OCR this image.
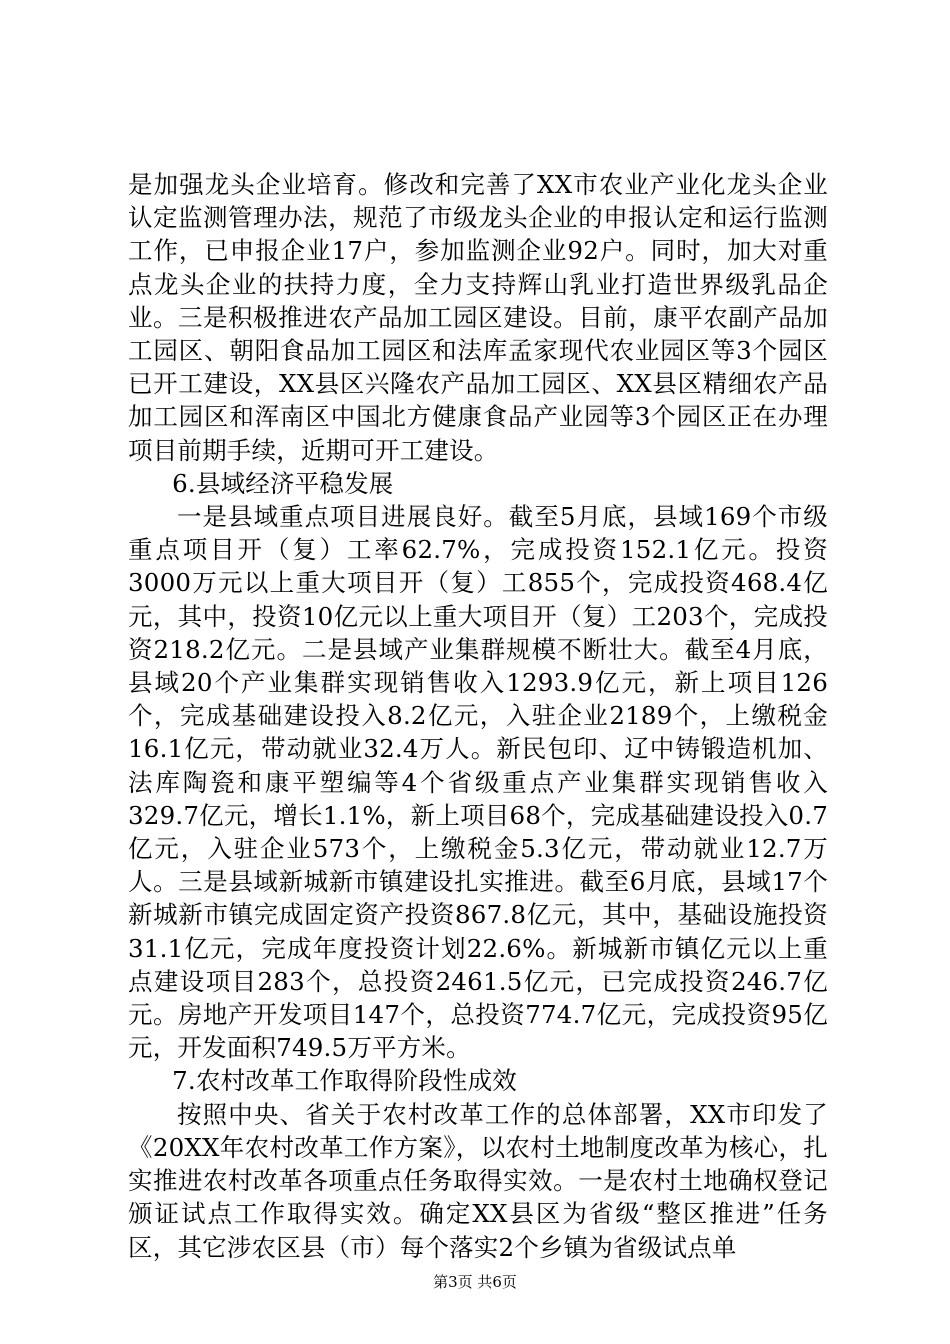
是加强龙头企业培育。修改和完善了XX市农业产业化龙头企业认定监测管理办法，规范了市级龙头企业的申报认定和运行监测工作，已申报企业17户，参加监测企业92户。同时，加大对重点龙头企业的扶持力度，全力支持辉山乳业打造世界级乳品企业。三是积极推进农产品加工园区建设。目前，康平农副产品加工园区、朝阳食品加工园区和法库孟家现代农业园区等3个园区已开工建设，XX县区兴隆农产品加工园区、XX县区精细农产品加工园区和浑南区中国北方健康食品产业园等3个园区正在办理项目前期手续，近期可开工建设。

6.县域经济平稳发展

一是县域重点项目进展良好。截至5月底，县域169个市级重点项目开（复）工率62.7%，完成投资152.1亿元。投资3000万元以上重大项目开（复）工855个，完成投资468.4亿元，其中，投资10亿元以上重大项目开（复）工203个，完成投资218.2亿元。二是县域产业集群规模不断壮大。截至4月底，县域20个产业集群实现销售收入1293.9亿元，新上项目126个，完成基础建设投入8.2亿元，入驻企业2189个，上缴税金16.1亿元，带动就业32.4万人。新民包印、辽中铸锻造机加、法库陶瓷和康平塑编等4个省级重点产业集群实现销售收入329.7亿元，增长1.1%，新上项目68个，完成基础建设投入0.7亿元，入驻企业573个，上缴税金5.3亿元，带动就业12.7万人。三是县域新城新市镇建设扎实推进。截至6月底，县域17个新城新市镇完成固定资产投资867.8亿元，其中，基础设施投资31.1亿元，完成年度投资计划22.6%。新城新市镇亿元以上重点建设项目283个，总投资2461.5亿元，已完成投资246.7亿元。房地产开发项目147个，总投资774.7亿元，完成投资95亿元，开发面积749.5万平方米。

7.农村改革工作取得阶段性成效

按照中央、省关于农村改革工作的总体部署，XX市印发了《20XX年农村改革工作方案》，以农村土地制度改革为核心，扎实推进农村改革各项重点任务取得实效。一是农村土地确权登记颁证试点工作取得实效。确定XX县区为省级“整区推进”任务区，其它涉农区县（市）每个落实2个乡镇为省级试点单

第3页 共6页
